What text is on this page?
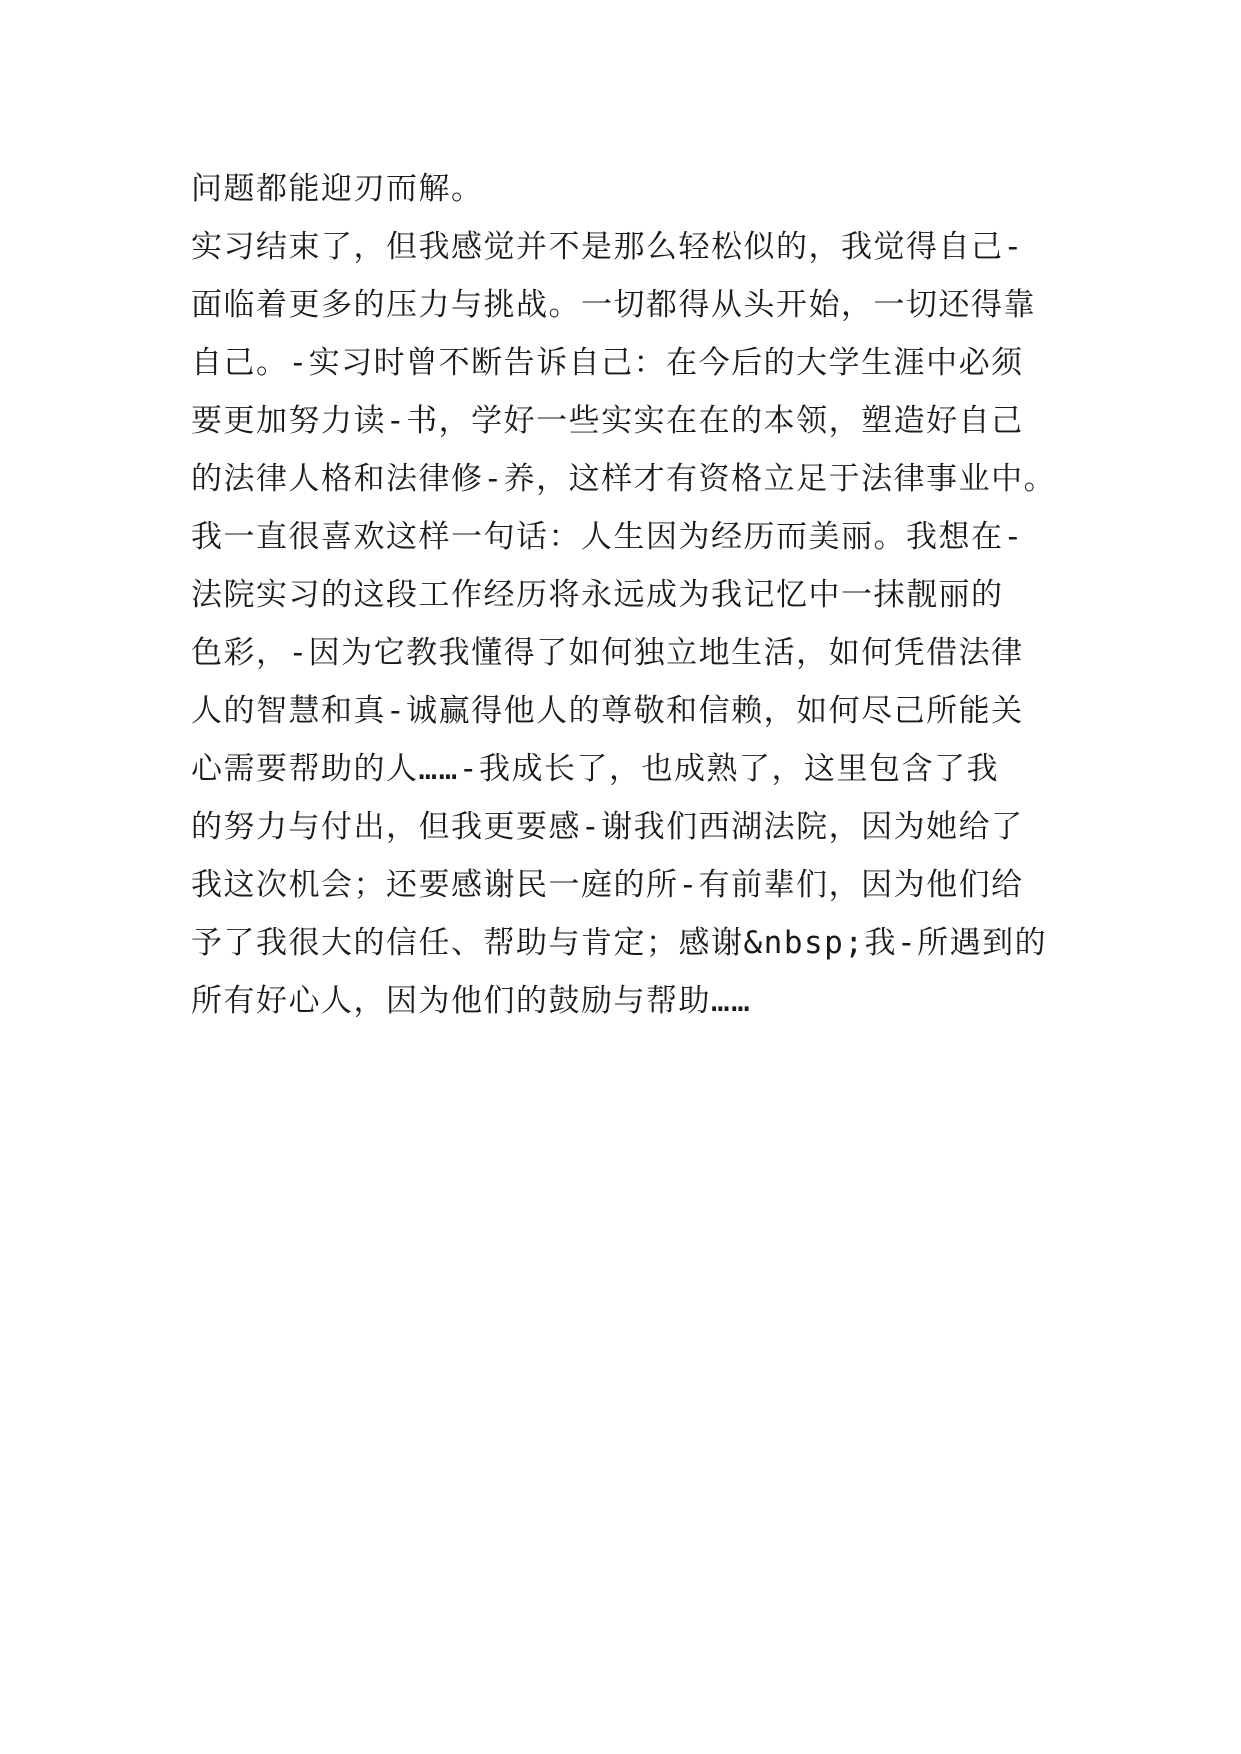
问题都能迎刃而解。
实习结束了，但我感觉并不是那么轻松似的，我觉得自己-
面临着更多的压力与挑战。一切都得从头开始，一切还得靠
自己。-实习时曾不断告诉自己：在今后的大学生涯中必须
要更加努力读-书，学好一些实实在在的本领，塑造好自己
的法律人格和法律修-养，这样才有资格立足于法律事业中。
我一直很喜欢这样一句话：人生因为经历而美丽。我想在-
法院实习的这段工作经历将永远成为我记忆中一抹靓丽的
色彩，-因为它教我懂得了如何独立地生活，如何凭借法律
人的智慧和真-诚赢得他人的尊敬和信赖，如何尽己所能关
心需要帮助的人……-我成长了，也成熟了，这里包含了我
的努力与付出，但我更要感-谢我们西湖法院，因为她给了
我这次机会；还要感谢民一庭的所-有前辈们，因为他们给
予了我很大的信任、帮助与肯定；感谢&nbsp;我-所遇到的
所有好心人，因为他们的鼓励与帮助……
